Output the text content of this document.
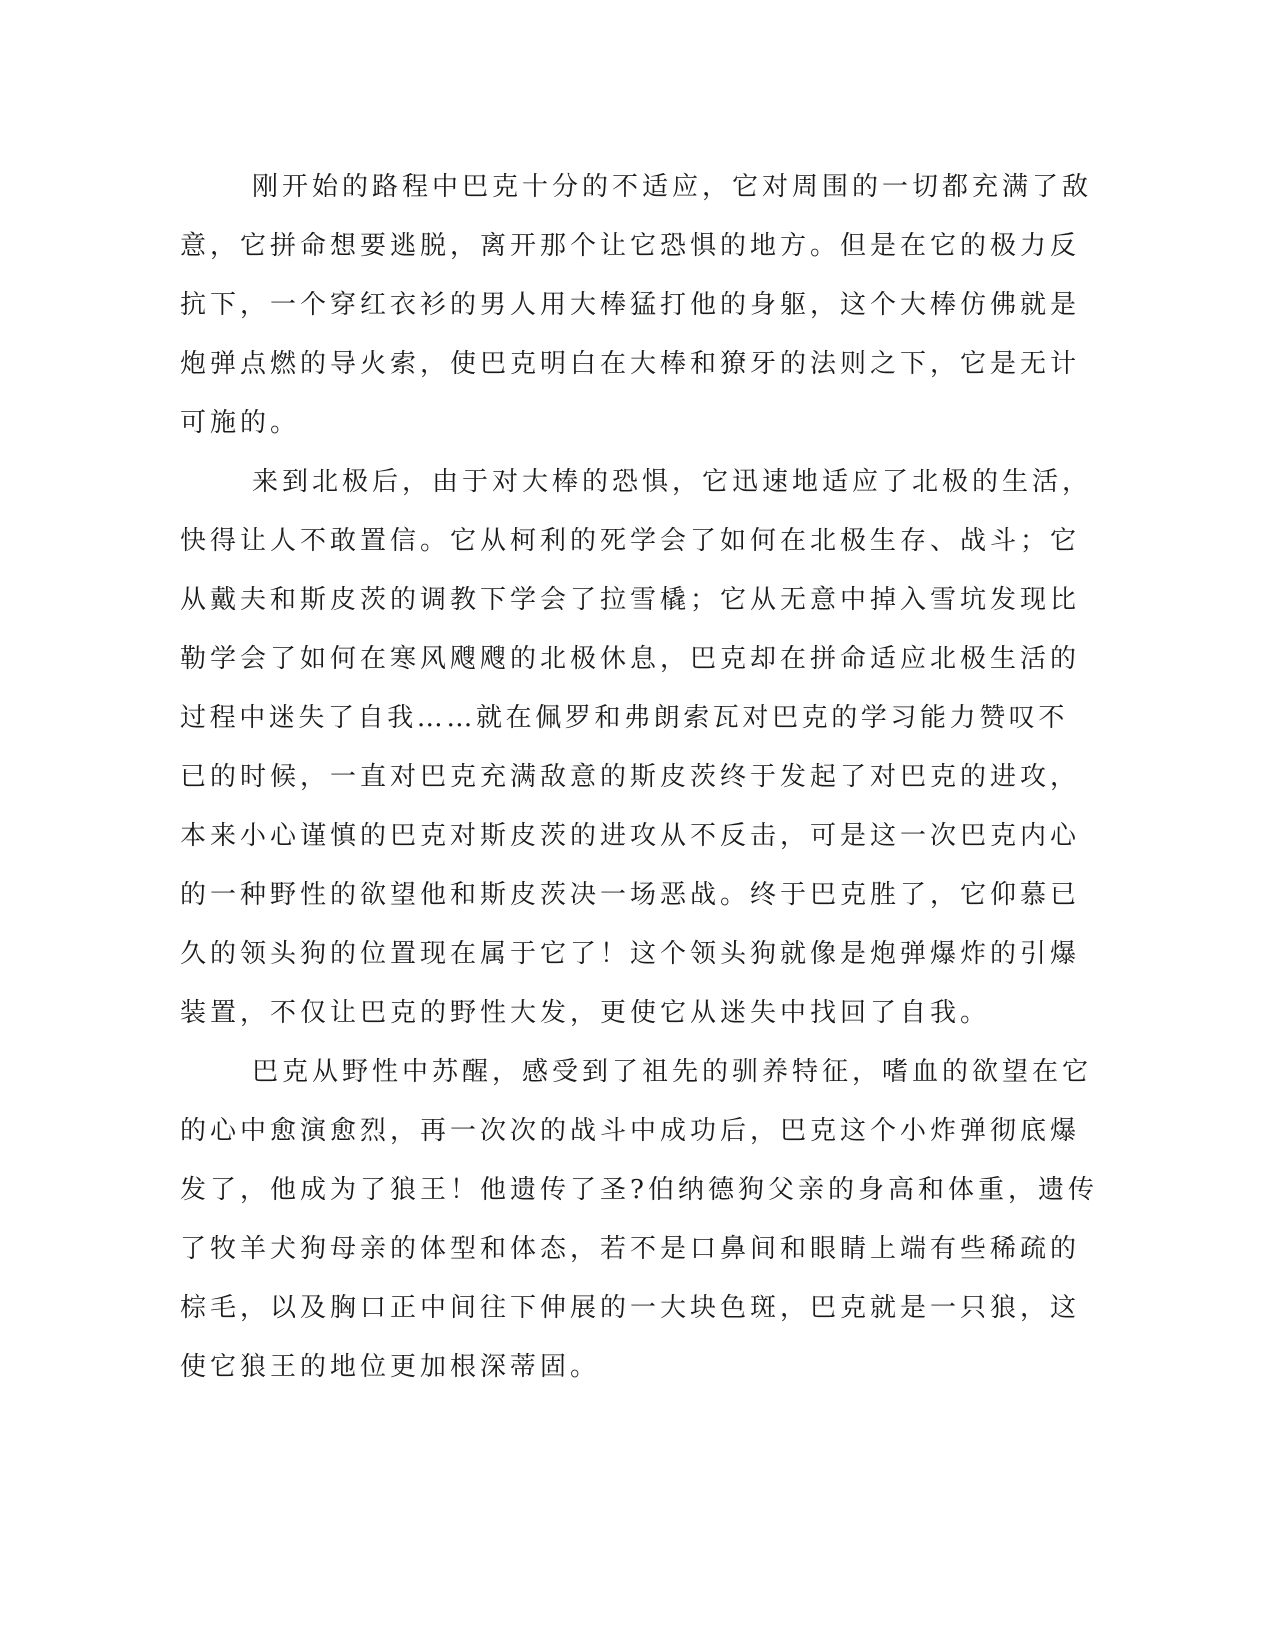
刚开始的路程中巴克十分的不适应，它对周围的一切都充满了敌
意，它拼命想要逃脱，离开那个让它恐惧的地方。但是在它的极力反
抗下，一个穿红衣衫的男人用大棒猛打他的身躯，这个大棒仿佛就是
炮弹点燃的导火索，使巴克明白在大棒和獠牙的法则之下，它是无计
可施的。
来到北极后，由于对大棒的恐惧，它迅速地适应了北极的生活，
快得让人不敢置信。它从柯利的死学会了如何在北极生存、战斗；它
从戴夫和斯皮茨的调教下学会了拉雪橇；它从无意中掉入雪坑发现比
勒学会了如何在寒风飕飕的北极休息，巴克却在拼命适应北极生活的
过程中迷失了自我……就在佩罗和弗朗索瓦对巴克的学习能力赞叹不
已的时候，一直对巴克充满敌意的斯皮茨终于发起了对巴克的进攻，
本来小心谨慎的巴克对斯皮茨的进攻从不反击，可是这一次巴克内心
的一种野性的欲望他和斯皮茨决一场恶战。终于巴克胜了，它仰慕已
久的领头狗的位置现在属于它了！这个领头狗就像是炮弹爆炸的引爆
装置，不仅让巴克的野性大发，更使它从迷失中找回了自我。
巴克从野性中苏醒，感受到了祖先的驯养特征，嗜血的欲望在它
的心中愈演愈烈，再一次次的战斗中成功后，巴克这个小炸弹彻底爆
发了，他成为了狼王！他遗传了圣?伯纳德狗父亲的身高和体重，遗传
了牧羊犬狗母亲的体型和体态，若不是口鼻间和眼睛上端有些稀疏的
棕毛，以及胸口正中间往下伸展的一大块色斑，巴克就是一只狼，这
使它狼王的地位更加根深蒂固。
